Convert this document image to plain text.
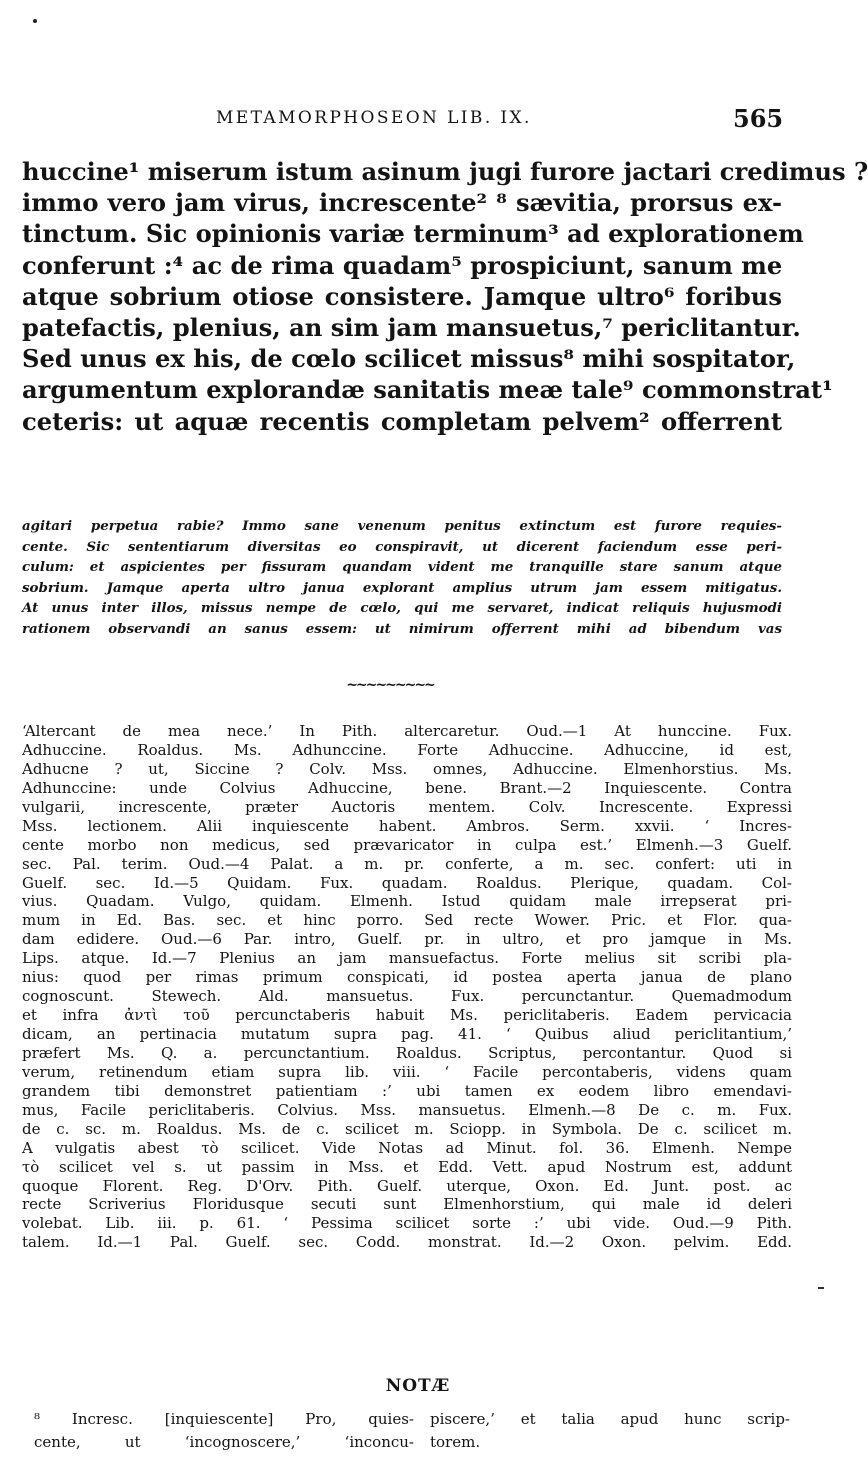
METAMORPHOSEON LIB. IX.	565
huccine¹ miserum istum asinum jugi furore jactari credimus ?
immo vero jam virus, increscente² ⁸ sævitia, prorsus ex-
tinctum. Sic opinionis variæ terminum³ ad explorationem
conferunt :⁴ ac de rima quadam⁵ prospiciunt, sanum me
atque sobrium otiose consistere. Jamque ultro⁶ foribus
patefactis, plenius, an sim jam mansuetus,⁷ periclitantur.
Sed unus ex his, de cœlo scilicet missus⁸ mihi sospitator,
argumentum explorandæ sanitatis meæ tale⁹ commonstrat¹
ceteris: ut aquæ recentis completam pelvem² offerrent
agitari perpetua rabie? Immo sane venenum penitus extinctum est furore requies-
cente. Sic sententiarum diversitas eo conspiravit, ut dicerent faciendum esse peri-
culum: et aspicientes per fissuram quandam vident me tranquille stare sanum atque
sobrium. Jamque aperta ultro janua explorant amplius utrum jam essem mitigatus.
At unus inter illos, missus nempe de cœlo, qui me servaret, indicat reliquis hujusmodi
rationem observandi an sanus essem: ut nimirum offerrent mihi ad bibendum vas
~~~~~~~~~
‘Altercant de mea nece.’ In Pith. altercaretur. Oud.—1 At hunccine. Fux.
Adhuccine. Roaldus. Ms. Adhunccine. Forte Adhuccine. Adhuccine, id est,
Adhucne ? ut, Siccine ? Colv. Mss. omnes, Adhuccine. Elmenhorstius. Ms.
Adhunccine: unde Colvius Adhuccine, bene. Brant.—2 Inquiescente. Contra
vulgarii, increscente, præter Auctoris mentem. Colv. Increscente. Expressi
Mss. lectionem. Alii inquiescente habent. Ambros. Serm. xxvii. ‘ Incres-
cente morbo non medicus, sed prævaricator in culpa est.’ Elmenh.—3 Guelf.
sec. Pal. terim. Oud.—4 Palat. a m. pr. conferte, a m. sec. confert: uti in
Guelf. sec. Id.—5 Quidam. Fux. quadam. Roaldus. Plerique, quadam. Col-
vius. Quadam. Vulgo, quidam. Elmenh. Istud quidam male irrepserat pri-
mum in Ed. Bas. sec. et hinc porro. Sed recte Wower. Pric. et Flor. qua-
dam edidere. Oud.—6 Par. intro, Guelf. pr. in ultro, et pro jamque in Ms.
Lips. atque. Id.—7 Plenius an jam mansuefactus. Forte melius sit scribi pla-
nius: quod per rimas primum conspicati, id postea aperta janua de plano
cognoscunt. Stewech. Ald. mansuetus. Fux. percunctantur. Quemadmodum
et infra ἀντὶ τοῦ percunctaberis habuit Ms. periclitaberis. Eadem pervicacia
dicam, an pertinacia mutatum supra pag. 41. ‘ Quibus aliud periclitantium,’
præfert Ms. Q. a. percunctantium. Roaldus. Scriptus, percontantur. Quod si
verum, retinendum etiam supra lib. viii. ‘ Facile percontaberis, videns quam
grandem tibi demonstret patientiam :’ ubi tamen ex eodem libro emendavi-
mus, Facile periclitaberis. Colvius. Mss. mansuetus. Elmenh.—8 De c. m. Fux.
de c. sc. m. Roaldus. Ms. de c. scilicet m. Sciopp. in Symbola. De c. scilicet m.
A vulgatis abest τὸ scilicet. Vide Notas ad Minut. fol. 36. Elmenh. Nempe
τὸ scilicet vel s. ut passim in Mss. et Edd. Vett. apud Nostrum est, addunt
quoque Florent. Reg. D'Orv. Pith. Guelf. uterque, Oxon. Ed. Junt. post. ac
recte Scriverius Floridusque secuti sunt Elmenhorstium, qui male id deleri
volebat. Lib. iii. p. 61. ‘ Pessima scilicet sorte :’ ubi vide. Oud.—9 Pith.
talem. Id.—1 Pal. Guelf. sec. Codd. monstrat. Id.—2 Oxon. pelvim. Edd.
NOTÆ
⁸ Incresc. [inquiescente] Pro, quies-
cente, ut ‘incognoscere,’ ‘inconcu-
piscere,’ et talia apud hunc scrip-
torem.
